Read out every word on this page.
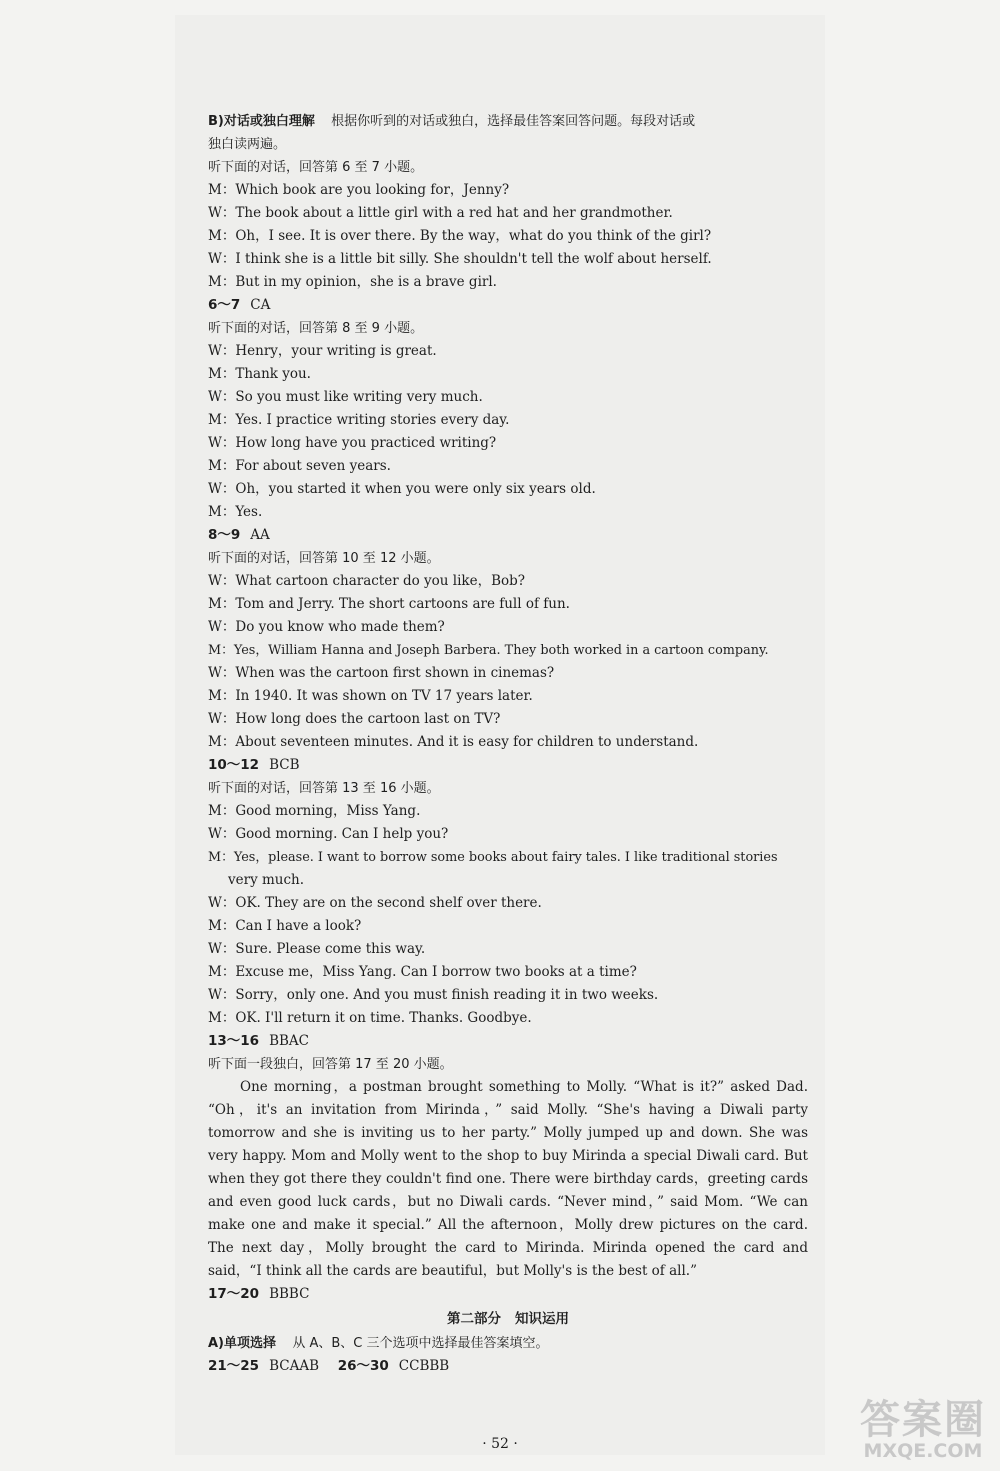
B)对话或独白理解 根据你听到的对话或独白，选择最佳答案回答问题。每段对话或
独白读两遍。
听下面的对话，回答第 6 至 7 小题。
M：Which book are you looking for，Jenny?
W：The book about a little girl with a red hat and her grandmother.
M：Oh，I see. It is over there. By the way，what do you think of the girl?
W：I think she is a little bit silly. She shouldn't tell the wolf about herself.
M：But in my opinion，she is a brave girl.
6～7 CA
听下面的对话，回答第 8 至 9 小题。
W：Henry，your writing is great.
M：Thank you.
W：So you must like writing very much.
M：Yes. I practice writing stories every day.
W：How long have you practiced writing?
M：For about seven years.
W：Oh，you started it when you were only six years old.
M：Yes.
8～9 AA
听下面的对话，回答第 10 至 12 小题。
W：What cartoon character do you like，Bob?
M：Tom and Jerry. The short cartoons are full of fun.
W：Do you know who made them?
M：Yes，William Hanna and Joseph Barbera. They both worked in a cartoon company.
W：When was the cartoon first shown in cinemas?
M：In 1940. It was shown on TV 17 years later.
W：How long does the cartoon last on TV?
M：About seventeen minutes. And it is easy for children to understand.
10～12 BCB
听下面的对话，回答第 13 至 16 小题。
M：Good morning，Miss Yang.
W：Good morning. Can I help you?
M：Yes，please. I want to borrow some books about fairy tales. I like traditional stories
very much.
W：OK. They are on the second shelf over there.
M：Can I have a look?
W：Sure. Please come this way.
M：Excuse me，Miss Yang. Can I borrow two books at a time?
W：Sorry，only one. And you must finish reading it in two weeks.
M：OK. I'll return it on time. Thanks. Goodbye.
13～16 BBAC
听下面一段独白，回答第 17 至 20 小题。
One morning，a postman brought something to Molly. “What is it?” asked Dad. “Oh，it's an invitation from Mirinda，” said Molly. “She's having a Diwali party tomorrow and she is inviting us to her party.” Molly jumped up and down. She was very happy. Mom and Molly went to the shop to buy Mirinda a special Diwali card. But when they got there they couldn't find one. There were birthday cards，greeting cards and even good luck cards，but no Diwali cards. “Never mind，” said Mom. “We can make one and make it special.” All the afternoon，Molly drew pictures on the card. The next day，Molly brought the card to Mirinda. Mirinda opened the card and said，“I think all the cards are beautiful，but Molly's is the best of all.”
17～20 BBBC
第二部分 知识运用
A)单项选择 从 A、B、C 三个选项中选择最佳答案填空。
21～25 BCAAB 26～30 CCBBB
· 52 ·
答案圈
MXQE.COM
